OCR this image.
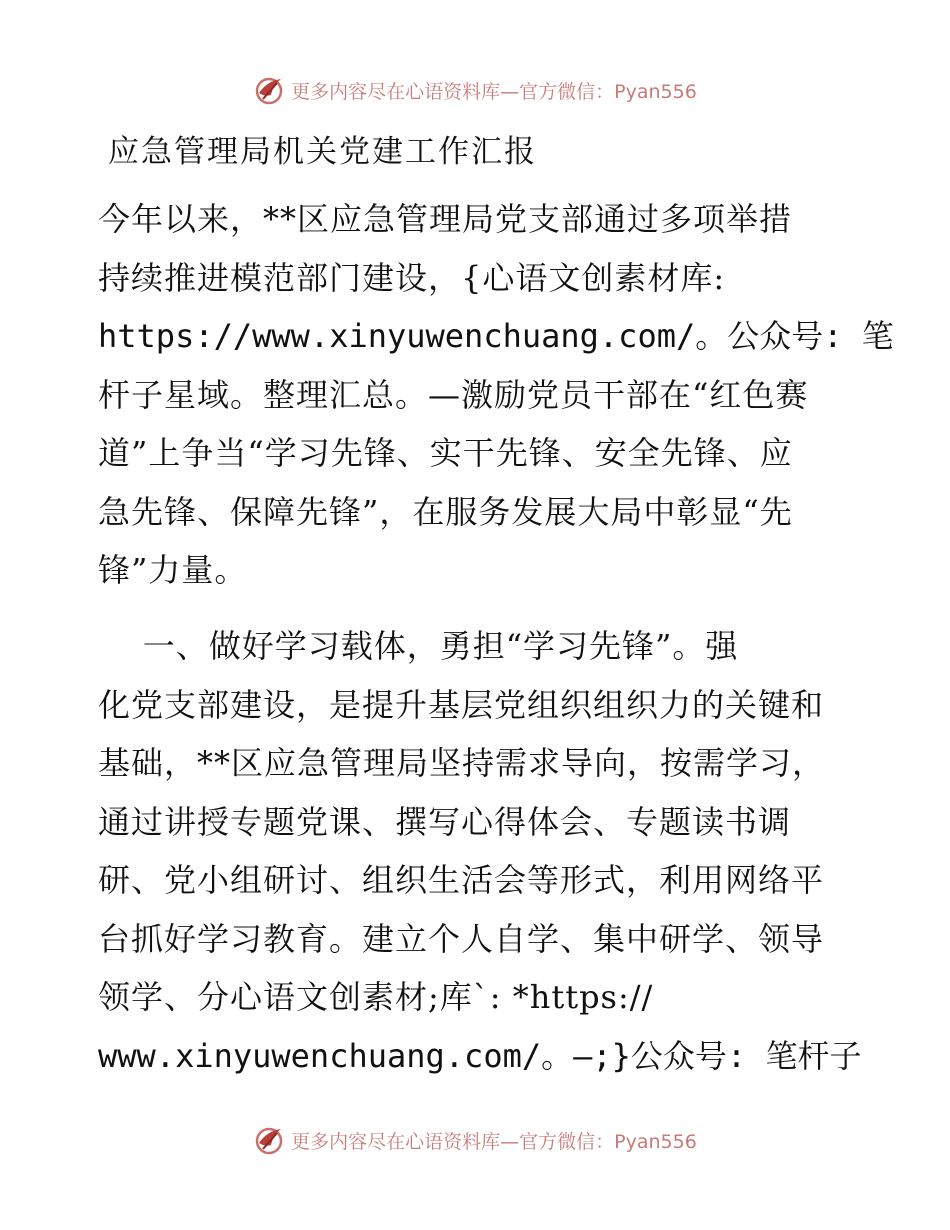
更多内容尽在心语资料库—官方微信：Pyan556
应急管理局机关党建工作汇报
今年以来，**区应急管理局党支部通过多项举措
持续推进模范部门建设，{心语文创素材库:
https://www.xinyuwenchuang.com/。公众号: 笔
杆子星域。整理汇总。—激励党员干部在“红色赛
道”上争当“学习先锋、实干先锋、安全先锋、应
急先锋、保障先锋”，在服务发展大局中彰显“先
锋”力量。
一、做好学习载体，勇担“学习先锋”。强
化党支部建设，是提升基层党组织组织力的关键和
基础，**区应急管理局坚持需求导向，按需学习，
通过讲授专题党课、撰写心得体会、专题读书调
研、党小组研讨、组织生活会等形式，利用网络平
台抓好学习教育。建立个人自学、集中研学、领导
领学、分心语文创素材;库`: *https://
www.xinyuwenchuang.com/。—;}公众号: 笔杆子
更多内容尽在心语资料库—官方微信：Pyan556
